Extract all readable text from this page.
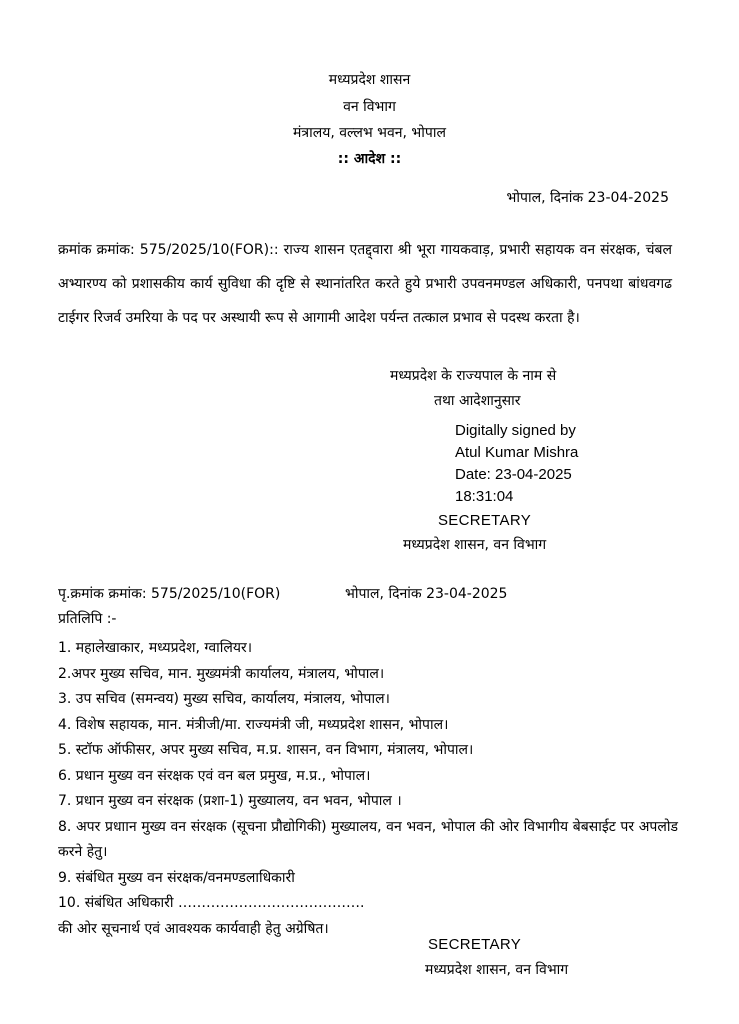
मध्यप्रदेश शासन
वन विभाग
मंत्रालय, वल्लभ भवन, भोपाल
:: आदेश ::
भोपाल, दिनांक 23-04-2025

क्रमांक क्रमांक: 575/2025/10(FOR):: राज्य शासन एतद्द्वारा श्री भूरा गायकवाड़, प्रभारी सहायक वन संरक्षक, चंबल अभ्यारण्य को प्रशासकीय कार्य सुविधा की दृष्टि से स्थानांतरित करते हुये प्रभारी उपवनमण्डल अधिकारी, पनपथा बांधवगढ टाईगर रिजर्व उमरिया के पद पर अस्थायी रूप से आगामी आदेश पर्यन्त तत्काल प्रभाव से पदस्थ करता है।

मध्यप्रदेश के राज्यपाल के नाम से
तथा आदेशानुसार
Digitally signed by
Atul Kumar Mishra
Date: 23-04-2025
18:31:04
SECRETARY
मध्यप्रदेश शासन, वन विभाग
पृ.क्रमांक क्रमांक: 575/2025/10(FOR)	भोपाल, दिनांक 23-04-2025
प्रतिलिपि :-
1. महालेखाकार, मध्यप्रदेश, ग्वालियर।
2.अपर मुख्य सचिव, मान. मुख्यमंत्री कार्यालय, मंत्रालय, भोपाल।
3. उप सचिव (समन्वय) मुख्य सचिव, कार्यालय, मंत्रालय, भोपाल।
4. विशेष सहायक, मान. मंत्रीजी/मा. राज्यमंत्री जी, मध्यप्रदेश शासन, भोपाल।
5. स्टॉफ ऑफीसर, अपर मुख्य सचिव, म.प्र. शासन, वन विभाग, मंत्रालय, भोपाल।
6. प्रधान मुख्य वन संरक्षक एवं वन बल प्रमुख, म.प्र., भोपाल।
7. प्रधान मुख्य वन संरक्षक (प्रशा-1) मुख्यालय, वन भवन, भोपाल ।
8. अपर प्रधाान मुख्य वन संरक्षक (सूचना प्रौद्योगिकी) मुख्यालय, वन भवन, भोपाल की ओर विभागीय बेबसाईट पर अपलोड करने हेतु।
9. संबंधित मुख्य वन संरक्षक/वनमण्डलाधिकारी
10. संबंधित अधिकारी ………………………………….
की ओर सूचनार्थ एवं आवश्यक कार्यवाही हेतु अग्रेषित।
SECRETARY
मध्यप्रदेश शासन, वन विभाग
